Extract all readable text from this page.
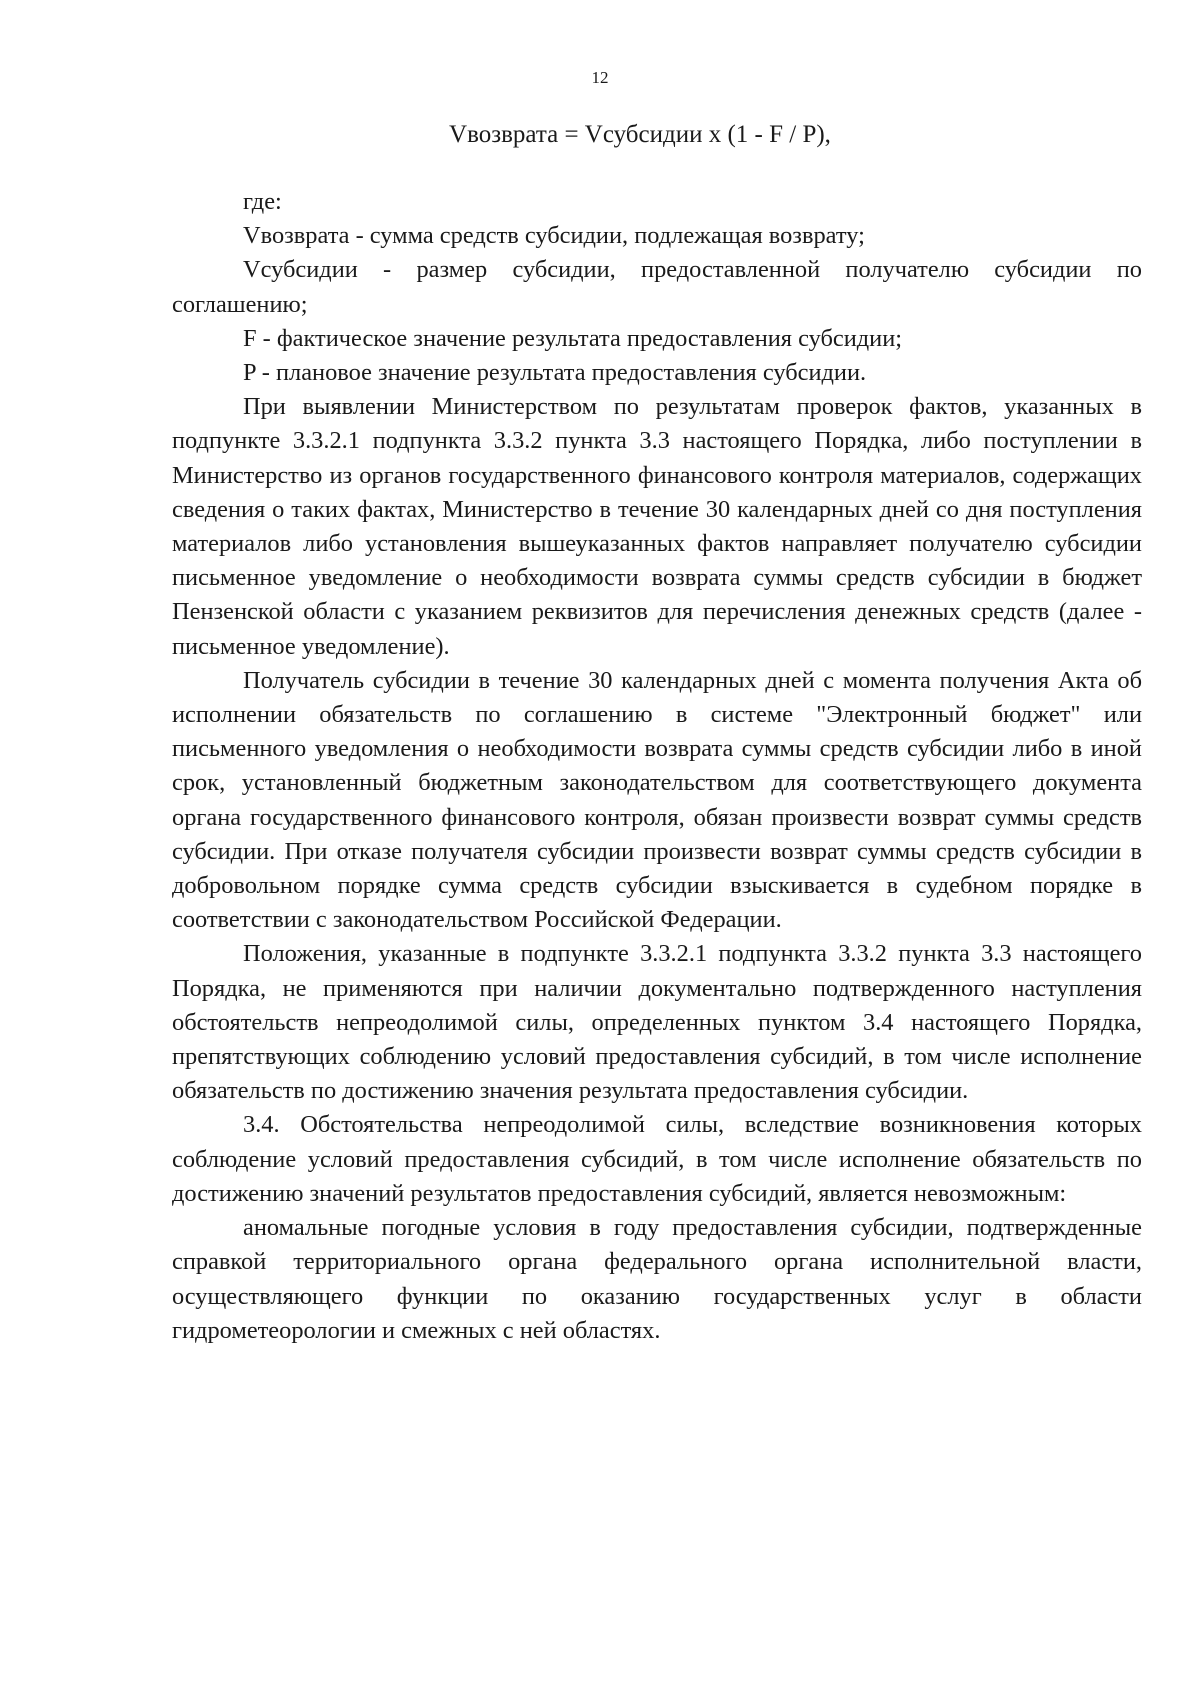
12
Vвозврата = Vсубсидии x (1 - F / P),

где:

Vвозврата - сумма средств субсидии, подлежащая возврату;

Vсубсидии - размер субсидии, предоставленной получателю субсидии по соглашению;

F - фактическое значение результата предоставления субсидии;

P - плановое значение результата предоставления субсидии.

При выявлении Министерством по результатам проверок фактов, указанных в подпункте 3.3.2.1 подпункта 3.3.2 пункта 3.3 настоящего Порядка, либо поступлении в Министерство из органов государственного финансового контроля материалов, содержащих сведения о таких фактах, Министерство в течение 30 календарных дней со дня поступления материалов либо установления вышеуказанных фактов направляет получателю субсидии письменное уведомление о необходимости возврата суммы средств субсидии в бюджет Пензенской области с указанием реквизитов для перечисления денежных средств (далее - письменное уведомление).

Получатель субсидии в течение 30 календарных дней с момента получения Акта об исполнении обязательств по соглашению в системе "Электронный бюджет" или письменного уведомления о необходимости возврата суммы средств субсидии либо в иной срок, установленный бюджетным законодательством для соответствующего документа органа государственного финансового контроля, обязан произвести возврат суммы средств субсидии. При отказе получателя субсидии произвести возврат суммы средств субсидии в добровольном порядке сумма средств субсидии взыскивается в судебном порядке в соответствии с законодательством Российской Федерации.

Положения, указанные в подпункте 3.3.2.1 подпункта 3.3.2 пункта 3.3 настоящего Порядка, не применяются при наличии документально подтвержденного наступления обстоятельств непреодолимой силы, определенных пунктом 3.4 настоящего Порядка, препятствующих соблюдению условий предоставления субсидий, в том числе исполнение обязательств по достижению значения результата предоставления субсидии.

3.4. Обстоятельства непреодолимой силы, вследствие возникновения которых соблюдение условий предоставления субсидий, в том числе исполнение обязательств по достижению значений результатов предоставления субсидий, является невозможным:

аномальные погодные условия в году предоставления субсидии, подтвержденные справкой территориального органа федерального органа исполнительной власти, осуществляющего функции по оказанию государственных услуг в области гидрометеорологии и смежных с ней областях.
